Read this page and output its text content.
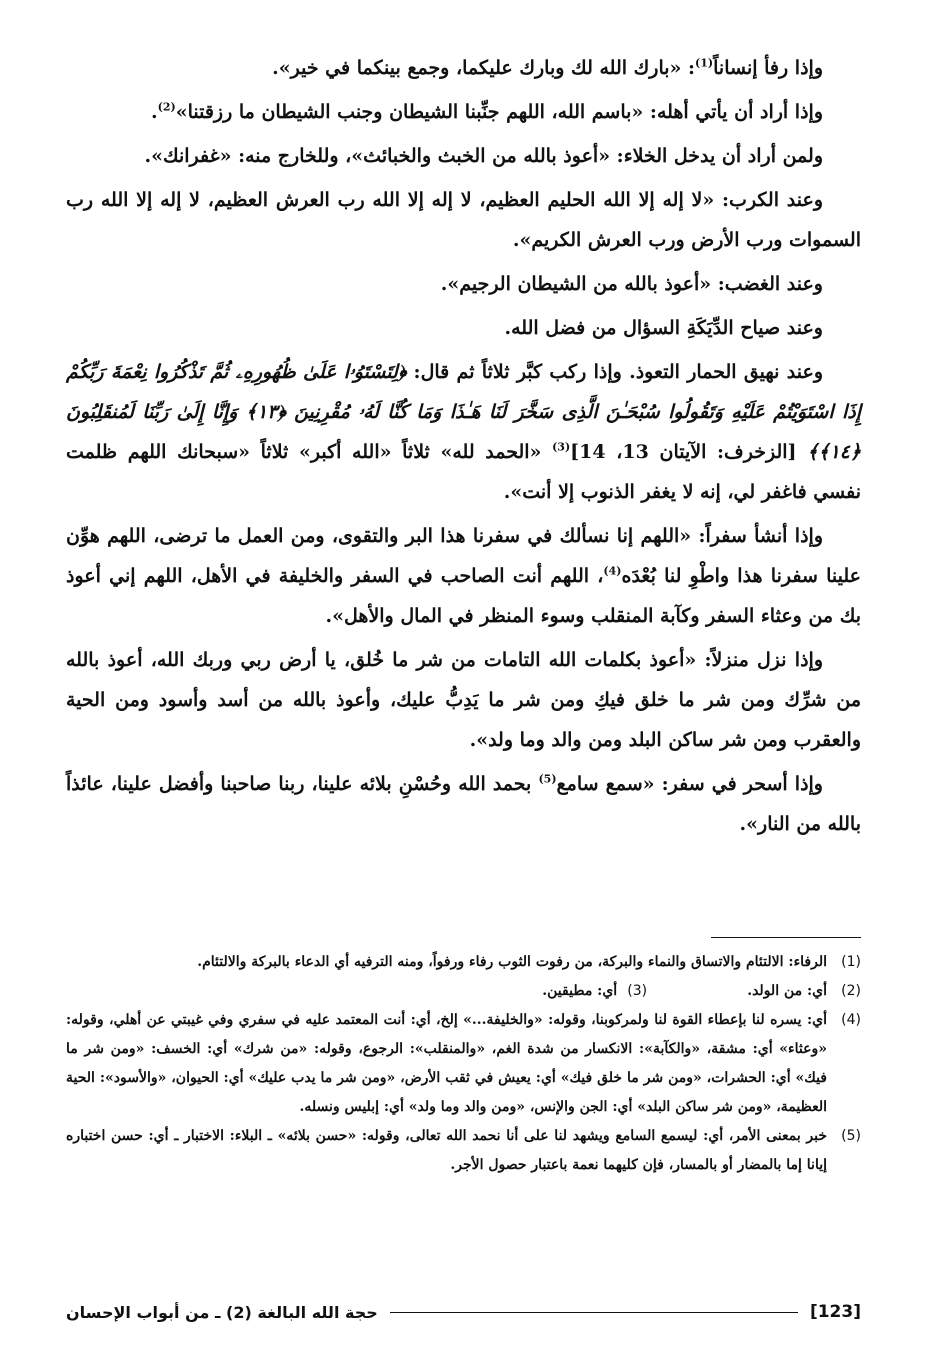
وإذا رفأ إنساناً$^{(1)}$: «بارك الله لك وبارك عليكما، وجمع بينكما في خير».

وإذا أراد أن يأتي أهله: «باسم الله، اللهم جنِّبنا الشيطان وجنب الشيطان ما رزقتنا»$^{(2)}$.

ولمن أراد أن يدخل الخلاء: «أعوذ بالله من الخبث والخبائث»، وللخارج منه: «غفرانك».

وعند الكرب: «لا إله إلا الله الحليم العظيم، لا إله إلا الله رب العرش العظيم، لا إله إلا الله رب السموات ورب الأرض ورب العرش الكريم».

وعند الغضب: «أعوذ بالله من الشيطان الرجيم».

وعند صياح الدِّيَكَةِ السؤال من فضل الله.

وعند نهيق الحمار التعوذ. وإذا ركب كبَّر ثلاثاً ثم قال: ﴿لِتَسْتَوُۥا عَلَىٰ ظُهُورِهِۦ ثُمَّ تَذْكُرُوا نِعْمَةَ رَبِّكُمْ إِذَا اسْتَوَيْتُمْ عَلَيْهِ وَتَقُولُوا سُبْحَـٰنَ الَّذِى سَخَّرَ لَنَا هَـٰذَا وَمَا كُنَّا لَهُۥ مُقْرِنِينَ ﴿١٣﴾ وَإِنَّا إِلَىٰ رَبِّنَا لَمُنقَلِبُونَ ﴿١٤﴾﴾ [الزخرف: الآيتان 13، 14]$^{(3)}$ «الحمد لله» ثلاثاً «الله أكبر» ثلاثاً «سبحانك اللهم ظلمت نفسي فاغفر لي، إنه لا يغفر الذنوب إلا أنت».

وإذا أنشأ سفراً: «اللهم إنا نسألك في سفرنا هذا البر والتقوى، ومن العمل ما ترضى، اللهم هوِّن علينا سفرنا هذا واطْوِ لنا بُعْدَه$^{(4)}$، اللهم أنت الصاحب في السفر والخليفة في الأهل، اللهم إني أعوذ بك من وعثاء السفر وكآبة المنقلب وسوء المنظر في المال والأهل».

وإذا نزل منزلاً: «أعوذ بكلمات الله التامات من شر ما خُلق، يا أرض ربي وربك الله، أعوذ بالله من شرِّك ومن شر ما خلق فيكِ ومن شر ما يَدِبُّ عليك، وأعوذ بالله من أسد وأسود ومن الحية والعقرب ومن شر ساكن البلد ومن والد وما ولد».

وإذا أسحر في سفر: «سمع سامع$^{(5)}$ بحمد الله وحُسْنِ بلائه علينا، ربنا صاحبنا وأفضل علينا، عائذاً بالله من النار».

(1)
الرفاء: الالتئام والاتساق والنماء والبركة، من رفوت الثوب رفاء ورفواً، ومنه الترفيه أي الدعاء بالبركة والالتئام.
(2)
أي: من الولد.
(3)
أي: مطيقين.
(4)
أي: يسره لنا بإعطاء القوة لنا ولمركوبنا، وقوله: «والخليفة...» إلخ، أي: أنت المعتمد عليه في سفري وفي غيبتي عن أهلي، وقوله: «وعثاء» أي: مشقة، «والكآبة»: الانكسار من شدة الغم، «والمنقلب»: الرجوع، وقوله: «من شرك» أي: الخسف: «ومن شر ما فيك» أي: الحشرات، «ومن شر ما خلق فيك» أي: يعيش في ثقب الأرض، «ومن شر ما يدب عليك» أي: الحيوان، «والأسود»: الحية العظيمة، «ومن شر ساكن البلد» أي: الجن والإنس، «ومن والد وما ولد» أي: إبليس ونسله.
(5)
خبر بمعنى الأمر، أي: ليسمع السامع ويشهد لنا على أنا نحمد الله تعالى، وقوله: «حسن بلائه» ـ البلاء: الاختبار ـ أي: حسن اختباره إيانا إما بالمضار أو بالمسار، فإن كليهما نعمة باعتبار حصول الأجر.
[123]
حجة الله البالغة (2) ـ من أبواب الإحسان
